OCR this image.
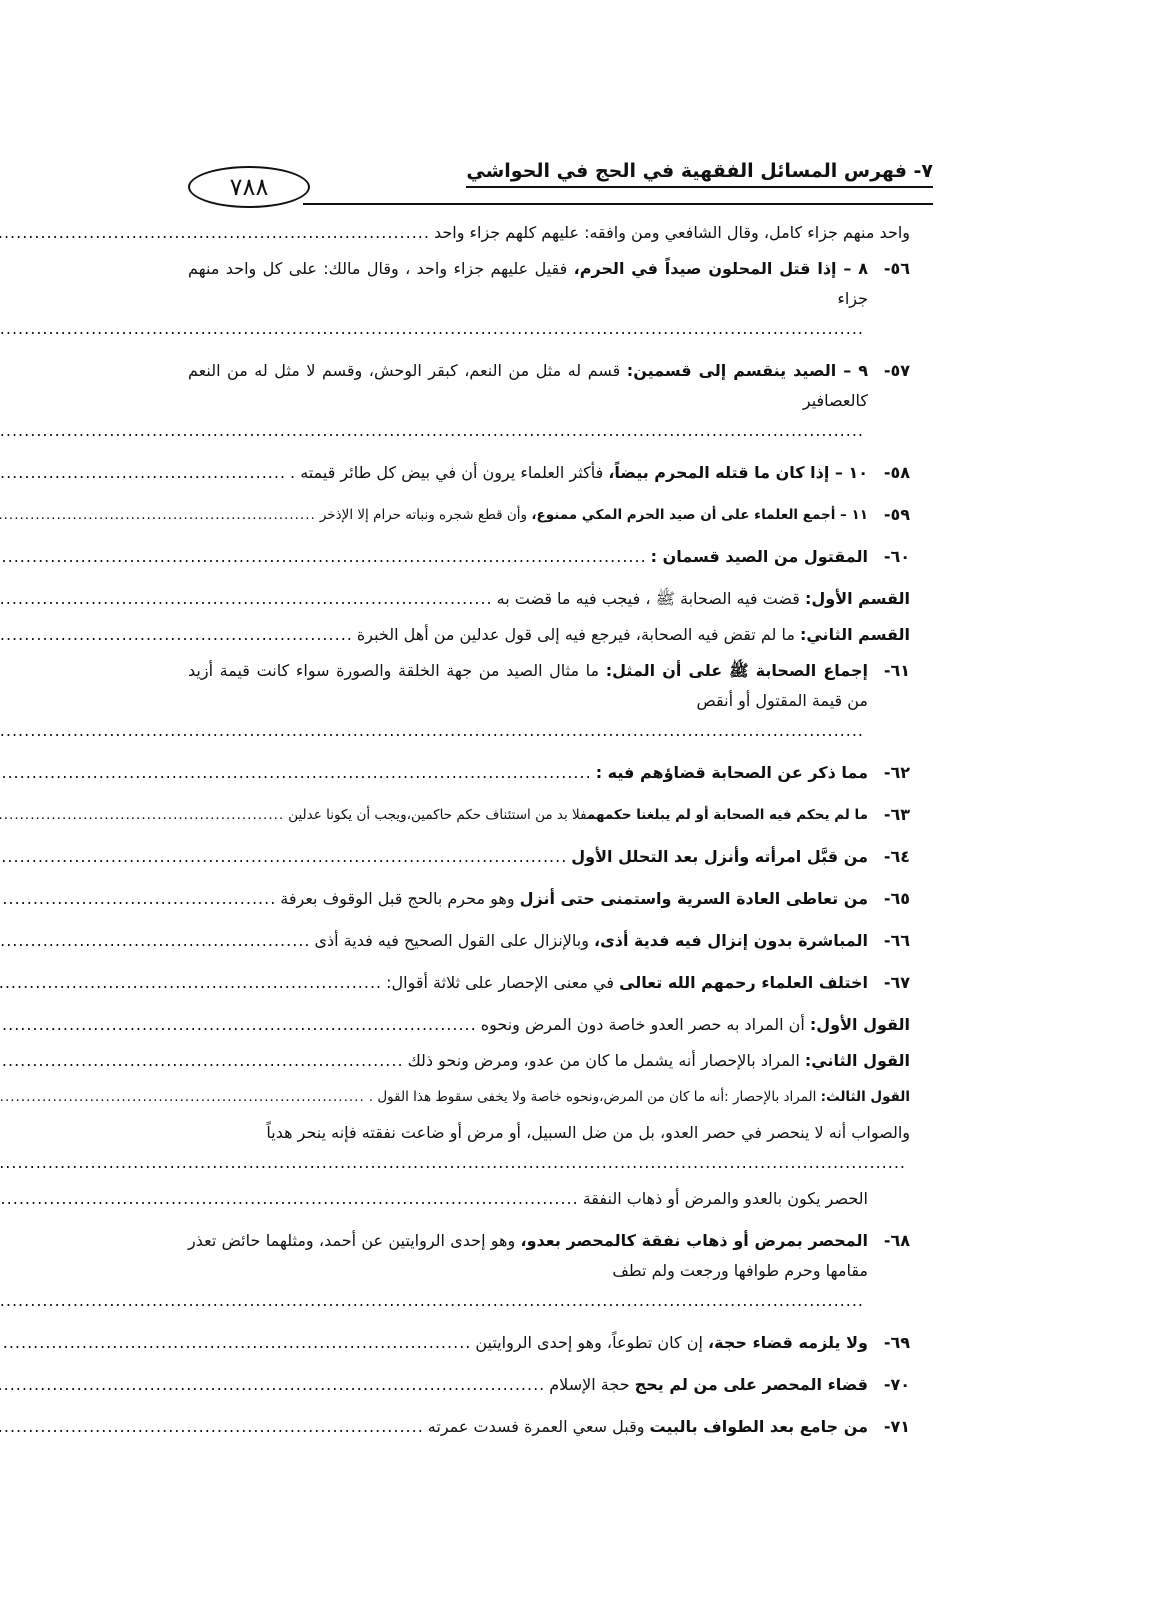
٧٨٨
٧- فهرس المسائل الفقهية في الحج في الحواشي
واحد منهم جزاء كامل، وقال الشافعي ومن وافقه: عليهم كلهم جزاء واحد
.....
٥٦-
٨ – إذا قتل المحلون صيداً في الحرم، فقيل عليهم جزاء واحد ، وقال مالك: على كل واحد منهم جزاء
.....
٥٧-
٩ – الصيد ينقسم إلى قسمين: قسم له مثل من النعم، كبقر الوحش، وقسم لا مثل له من النعم كالعصافير
.....
٥٨-
١٠ – إذا كان ما قتله المحرم بيضاً، فأكثر العلماء يرون أن في بيض كل طائر قيمته .
.....
٥٩-
١١ – أجمع العلماء على أن صيد الحرم المكي ممنوع، وأن قطع شجره ونباته حرام إلا الإذخر
.....
٦٠-
المقتول من الصيد قسمان :
.....
القسم الأول: قضت فيه الصحابة ﷺ ، فيجب فيه ما قضت به
.....
القسم الثاني: ما لم تقض فيه الصحابة، فيرجع فيه إلى قول عدلين من أهل الخبرة
.....
٦١-
إجماع الصحابة ﷺ على أن المثل: ما مثال الصيد من جهة الخلقة والصورة سواء كانت قيمة أزيد من قيمة المقتول أو أنقص
.....
٦٢-
مما ذكر عن الصحابة قضاؤهم فيه :
.....
٦٣-
ما لم يحكم فيه الصحابة أو لم يبلغنا حكمهمفلا بد من استئناف حكم حاكمين،ويجب أن يكونا عدلين
.....
٦٤-
من قبَّل امرأته وأنزل بعد التحلل الأول
.....
٦٥-
من تعاطى العادة السرية واستمنى حتى أنزل وهو محرم بالحج قبل الوقوف بعرفة
.....
٦٦-
المباشرة بدون إنزال فيه فدية أذى، وبالإنزال على القول الصحيح فيه فدية أذى
.....
٦٧-
اختلف العلماء رحمهم الله تعالى في معنى الإحصار على ثلاثة أقوال:
.....
القول الأول: أن المراد به حصر العدو خاصة دون المرض ونحوه
.....
القول الثاني: المراد بالإحصار أنه يشمل ما كان من عدو، ومرض ونحو ذلك
.....
القول الثالث: المراد بالإحصار :أنه ما كان من المرض،ونحوه خاصة ولا يخفى سقوط هذا القول .
.....
والصواب أنه لا ينحصر في حصر العدو، بل من ضل السبيل، أو مرض أو ضاعت نفقته فإنه ينحر هدياً
.....
الحصر يكون بالعدو والمرض أو ذهاب النفقة
.....
٦٨-
المحصر بمرض أو ذهاب نفقة كالمحصر بعدو، وهو إحدى الروايتين عن أحمد، ومثلهما حائض تعذر مقامها وحرم طوافها ورجعت ولم تطف
.....
٦٩-
ولا يلزمه قضاء حجة، إن كان تطوعاً، وهو إحدى الروايتين
.....
٧٠-
قضاء المحصر على من لم يحج حجة الإسلام
.....
٧١-
من جامع بعد الطواف بالبيت وقبل سعي العمرة فسدت عمرته
.....
